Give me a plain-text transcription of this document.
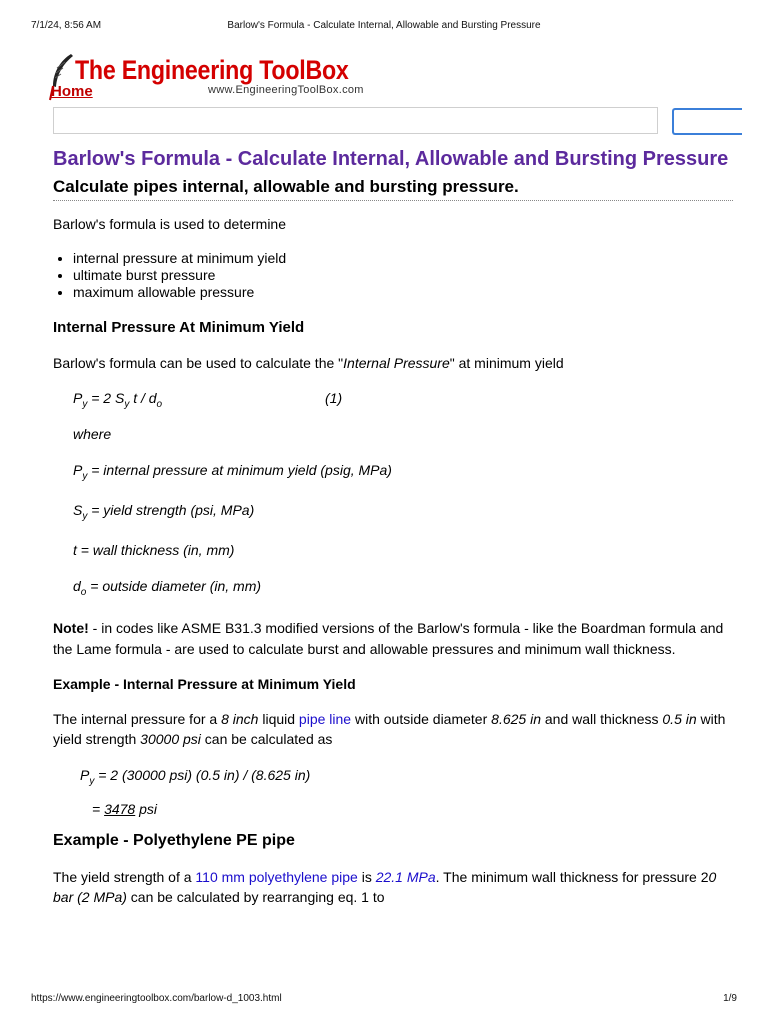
7/1/24, 8:56 AM	Barlow's Formula - Calculate Internal, Allowable and Bursting Pressure
The Engineering ToolBox
Home	www.EngineeringToolBox.com
Barlow's Formula - Calculate Internal, Allowable and Bursting Pressure
Calculate pipes internal, allowable and bursting pressure.

Barlow's formula is used to determine

• internal pressure at minimum yield
• ultimate burst pressure
• maximum allowable pressure
Internal Pressure At Minimum Yield

Barlow's formula can be used to calculate the "Internal Pressure" at minimum yield

$P_y = 2$ $S_y$ t / $d_o$	(1)
where
$P_y$ = internal pressure at minimum yield (psig, MPa)
$S_y$ = yield strength (psi, MPa)
t = wall thickness (in, mm)
$d_o$ = outside diameter (in, mm)

Note! - in codes like ASME B31.3 modified versions of the Barlow's formula - like the Boardman formula and the Lame formula - are used to calculate burst and allowable pressures and minimum wall thickness.

Example - Internal Pressure at Minimum Yield

The internal pressure for a 8 inch liquid pipe line with outside diameter 8.625 in and wall thickness 0.5 in with yield strength 30000 psi can be calculated as

$P_y = 2$ (30000 psi) (0.5 in) / (8.625 in)
= 3478 psi
Example - Polyethylene PE pipe

The yield strength of a 110 mm polyethylene pipe is 22.1 MPa. The minimum wall thickness for pressure 20 bar (2 MPa) can be calculated by rearranging eq. 1 to

https://www.engineeringtoolbox.com/barlow-d_1003.html	1/9
